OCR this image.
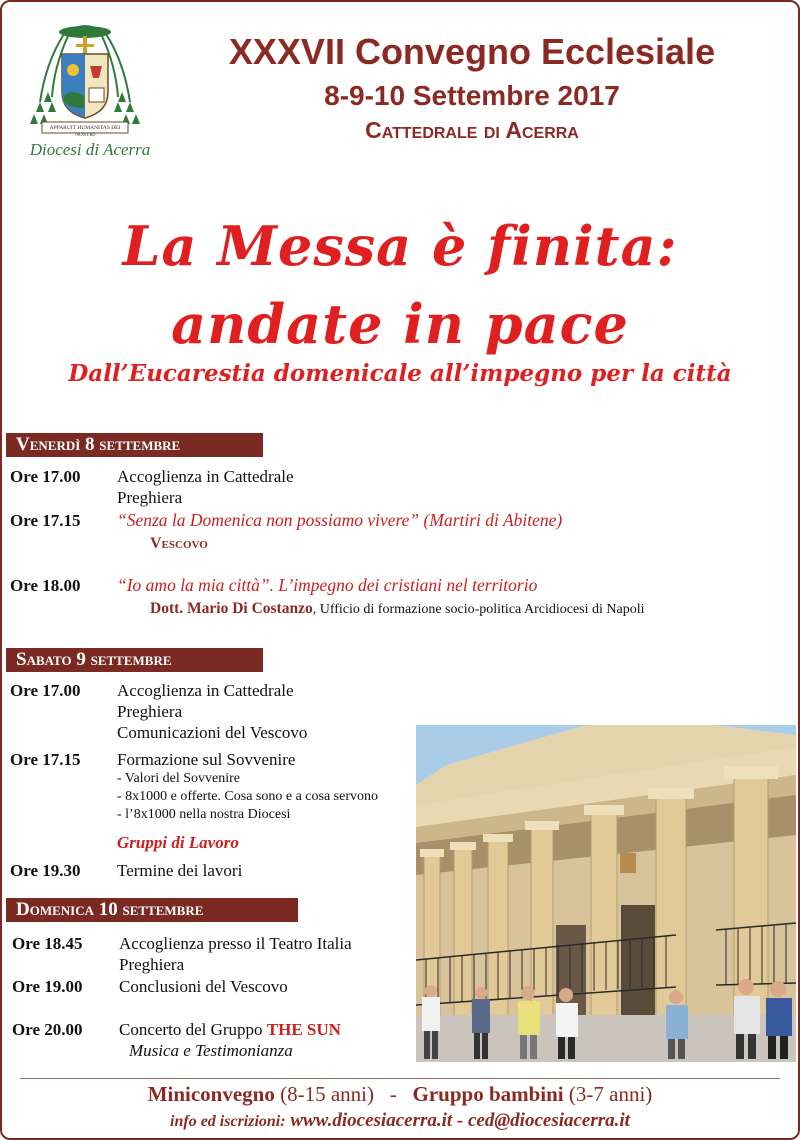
APPARUIT HUMANITAS DEI NOSTRI
Diocesi di Acerra
XXXVII Convegno Ecclesiale
8-9-10 Settembre 2017
Cattedrale di Acerra
La Messa è finita:
andate in pace
Dall’Eucarestia domenicale all’impegno per la città
Venerdì 8 settembre
Ore 17.00 Accoglienza in Cattedrale
Preghiera
Ore 17.15 “Senza la Domenica non possiamo vivere” (Martiri di Abitene)
Vescovo
Ore 18.00 “Io amo la mia città”. L’impegno dei cristiani nel territorio
Dott. Mario Di Costanzo, Ufficio di formazione socio-politica Arcidiocesi di Napoli
Sabato 9 settembre
Ore 17.00 Accoglienza in Cattedrale
Preghiera
Comunicazioni del Vescovo
Ore 17.15 Formazione sul Sovvenire
- Valori del Sovvenire
- 8x1000 e offerte. Cosa sono e a cosa servono
- l’8x1000 nella nostra Diocesi
Gruppi di Lavoro
Ore 19.30 Termine dei lavori
Domenica 10 settembre
Ore 18.45 Accoglienza presso il Teatro Italia
Preghiera
Ore 19.00 Conclusioni del Vescovo
Ore 20.00 Concerto del Gruppo THE SUN
Musica e Testimonianza
Miniconvegno (8-15 anni) - Gruppo bambini (3-7 anni)
info ed iscrizioni: www.diocesiacerra.it - ced@diocesiacerra.it
